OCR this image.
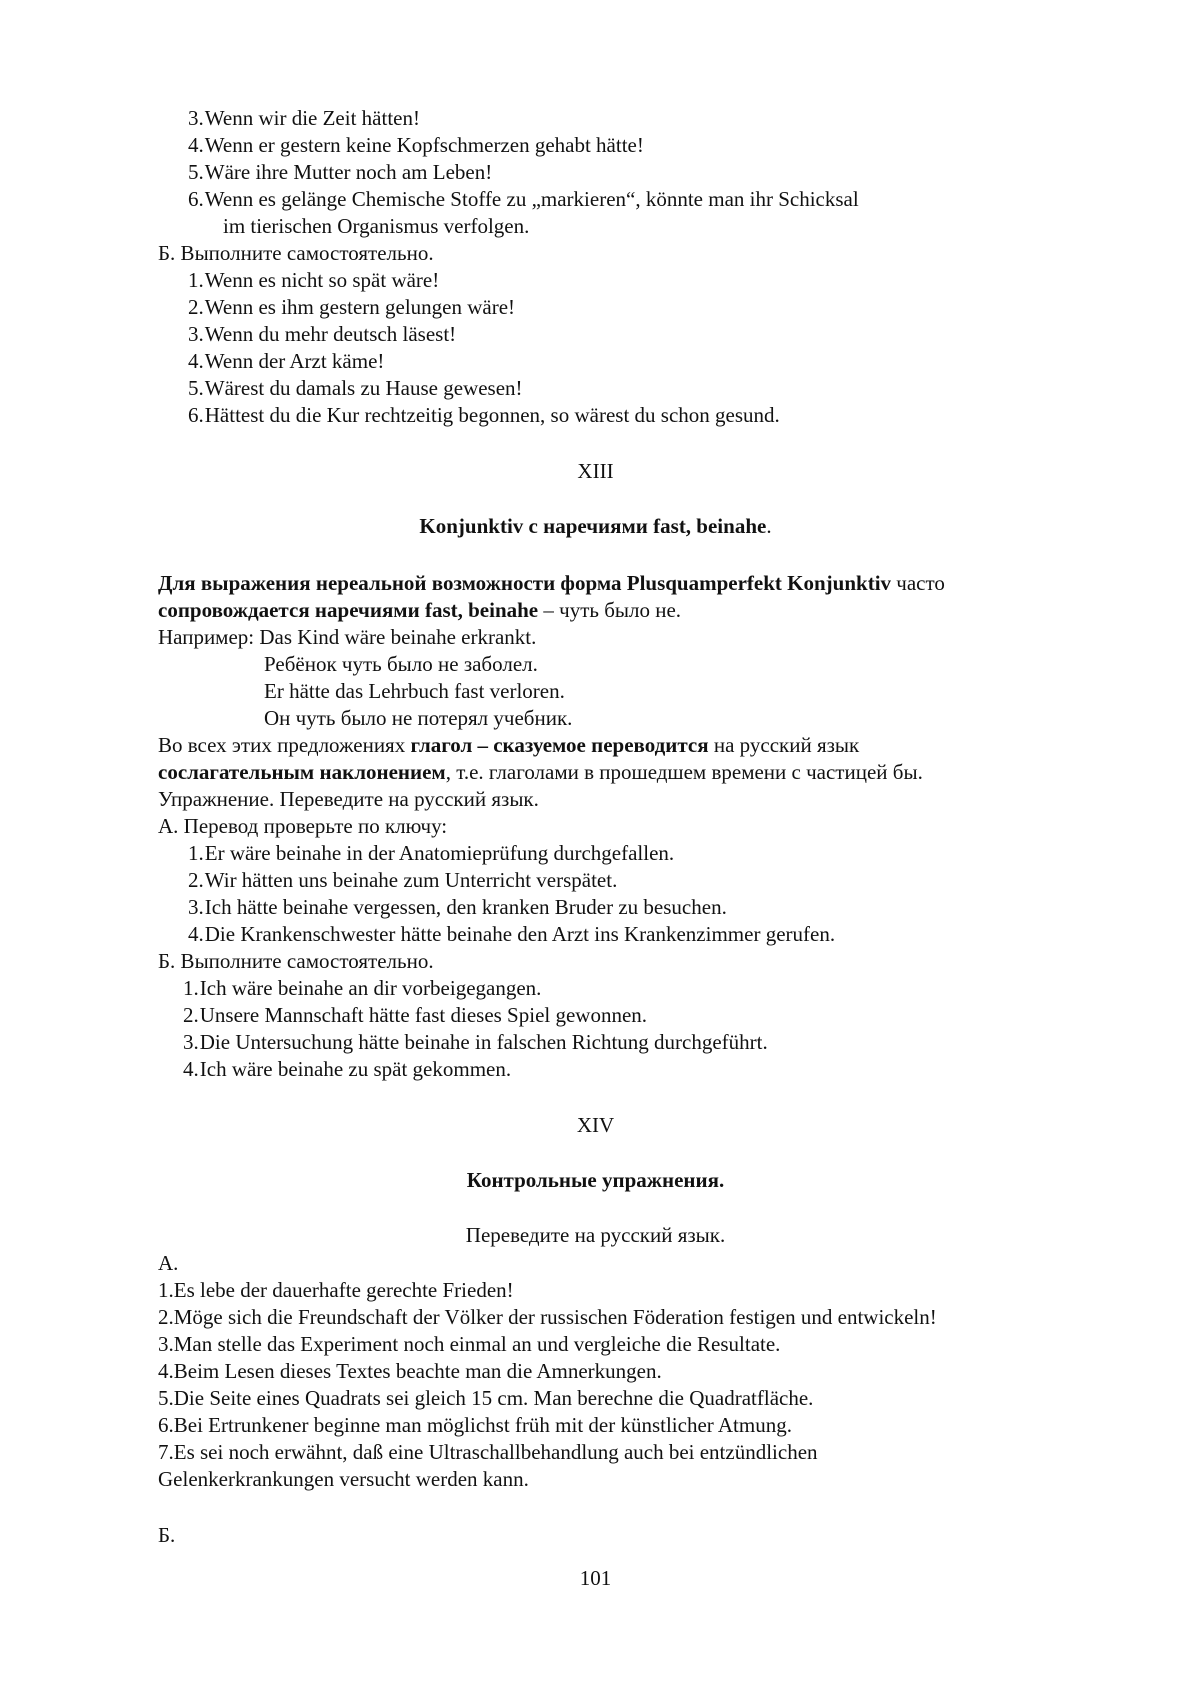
3.Wenn wir die Zeit hätten!
4.Wenn er gestern keine Kopfschmerzen gehabt hätte!
5.Wäre ihre Mutter noch am Leben!
6.Wenn es gelänge Chemische Stoffe zu „markieren“, könnte man ihr Schicksal
im tierischen Organismus verfolgen.
Б. Выполните самостоятельно.
1.Wenn es nicht so spät wäre!
2.Wenn es ihm gestern gelungen wäre!
3.Wenn du mehr deutsch läsest!
4.Wenn der Arzt käme!
5.Wärest du damals zu Hause gewesen!
6.Hättest du die Kur rechtzeitig begonnen, so wärest du schon gesund.
XIII
Konjunktiv с наречиями fast, beinahe.
Для выражения нереальной возможности форма Plusquamperfekt Konjunktiv часто
сопровождается наречиями fast, beinahe – чуть было не.
Например: Das Kind wäre beinahe erkrankt.
Ребёнок чуть было не заболел.
Er hätte das Lehrbuch fast verloren.
Он чуть было не потерял учебник.
Во всех этих предложениях глагол – сказуемое переводится на русский язык
сослагательным наклонением, т.е. глаголами в прошедшем времени с частицей бы.
Упражнение. Переведите на русский язык.
А. Перевод проверьте по ключу:
1.Er wäre beinahe in der Anatomieprüfung durchgefallen.
2.Wir hätten uns beinahe zum Unterricht verspätet.
3.Ich hätte beinahe vergessen, den kranken Bruder zu besuchen.
4.Die Krankenschwester hätte beinahe den Arzt ins Krankenzimmer gerufen.
Б. Выполните самостоятельно.
1.Ich wäre beinahe an dir vorbeigegangen.
2.Unsere Mannschaft hätte fast dieses Spiel gewonnen.
3.Die Untersuchung hätte beinahe in falschen Richtung durchgeführt.
4.Ich wäre beinahe zu spät gekommen.
XIV
Контрольные упражнения.
Переведите на русский язык.
А.
1.Es lebe der dauerhafte gerechte Frieden!
2.Möge sich die Freundschaft der Völker der russischen Föderation festigen und entwickeln!
3.Man stelle das Experiment noch einmal an und vergleiche die Resultate.
4.Beim Lesen dieses Textes beachte man die Amnerkungen.
5.Die Seite eines Quadrats sei gleich 15 cm. Man berechne die Quadratfläche.
6.Bei Ertrunkener beginne man möglichst früh mit der künstlicher Atmung.
7.Es sei noch erwähnt, daß eine Ultraschallbehandlung auch bei entzündlichen
Gelenkerkrankungen versucht werden kann.
Б.
101
